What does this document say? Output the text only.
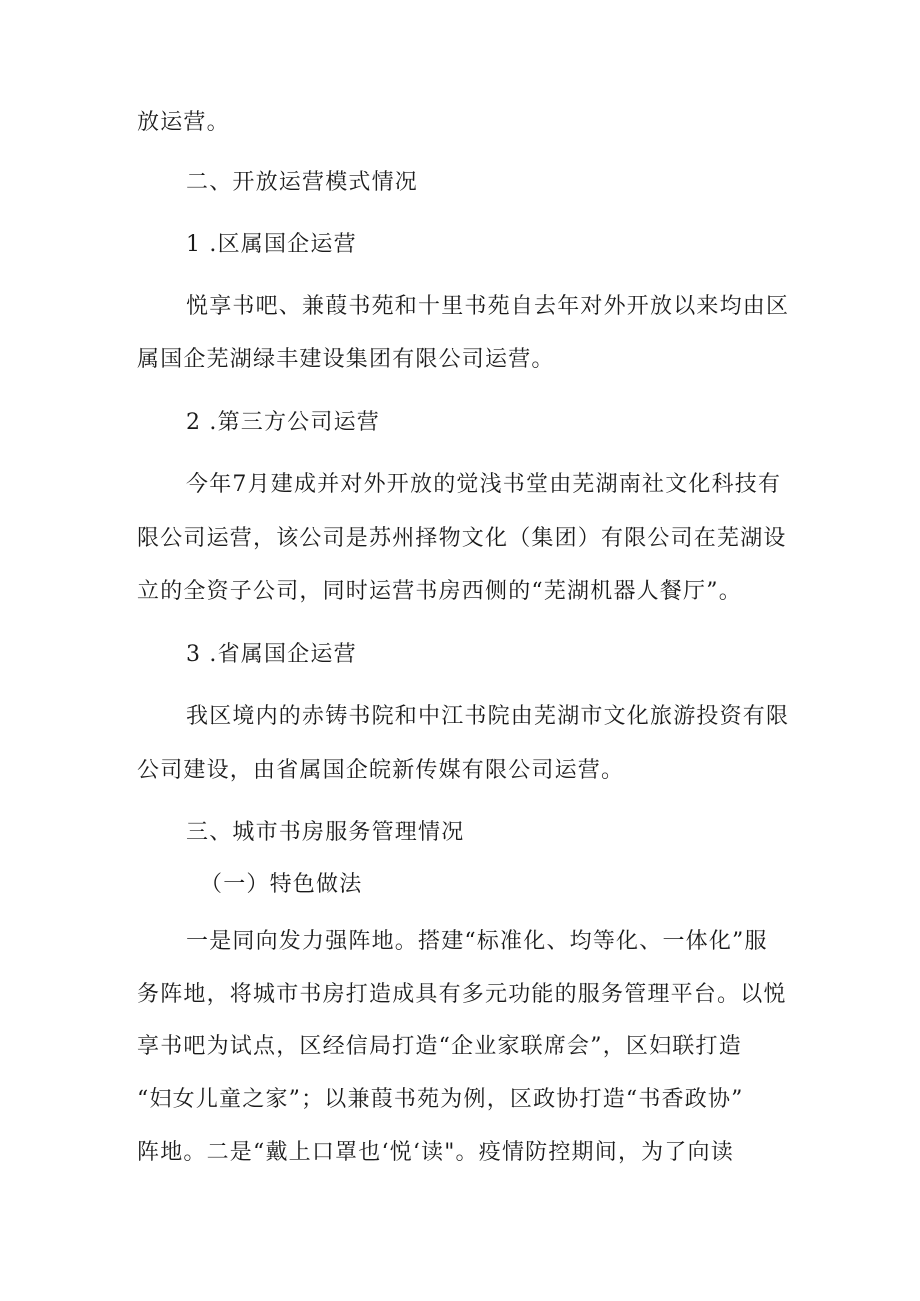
放运营。
二、开放运营模式情况
1 .区属国企运营
悦享书吧、兼葭书苑和十里书苑自去年对外开放以来均由区
属国企芜湖绿丰建设集团有限公司运营。
2 .第三方公司运营
今年7月建成并对外开放的觉浅书堂由芜湖南社文化科技有
限公司运营，该公司是苏州择物文化（集团）有限公司在芜湖设
立的全资子公司，同时运营书房西侧的“芜湖机器人餐厅”。
3 .省属国企运营
我区境内的赤铸书院和中江书院由芜湖市文化旅游投资有限
公司建设，由省属国企皖新传媒有限公司运营。
三、城市书房服务管理情况
（一）特色做法
一是同向发力强阵地。搭建“标准化、均等化、一体化”服
务阵地，将城市书房打造成具有多元功能的服务管理平台。以悦
享书吧为试点，区经信局打造“企业家联席会”，区妇联打造
“妇女儿童之家”；以兼葭书苑为例，区政协打造“书香政协”
阵地。二是“戴上口罩也‘悦‘读"。疫情防控期间，为了向读
